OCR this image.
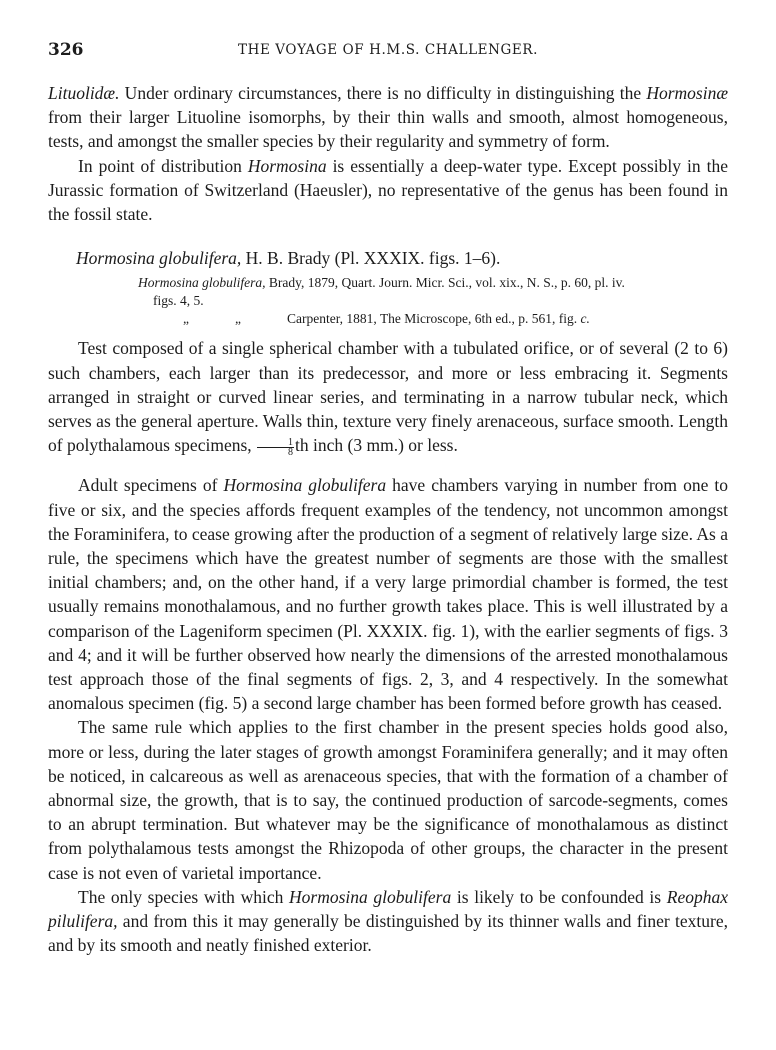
326	THE VOYAGE OF H.M.S. CHALLENGER.

Lituolidæ. Under ordinary circumstances, there is no difficulty in distinguishing the Hormosinæ from their larger Lituoline isomorphs, by their thin walls and smooth, almost homogeneous, tests, and amongst the smaller species by their regularity and symmetry of form.

In point of distribution Hormosina is essentially a deep-water type. Except possibly in the Jurassic formation of Switzerland (Haeusler), no representative of the genus has been found in the fossil state.

Hormosina globulifera, H. B. Brady (Pl. XXXIX. figs. 1–6).

Hormosina globulifera, Brady, 1879, Quart. Journ. Micr. Sci., vol. xix., N. S., p. 60, pl. iv.

figs. 4, 5.

„	„	Carpenter, 1881, The Microscope, 6th ed., p. 561, fig. c.

Test composed of a single spherical chamber with a tubulated orifice, or of several (2 to 6) such chambers, each larger than its predecessor, and more or less embracing it. Segments arranged in straight or curved linear series, and terminating in a narrow tubular neck, which serves as the general aperture. Walls thin, texture very finely arenaceous, surface smooth. Length of polythalamous specimens, $\frac{1}{8}$ th inch (3 mm.) or less.

Adult specimens of Hormosina globulifera have chambers varying in number from one to five or six, and the species affords frequent examples of the tendency, not uncommon amongst the Foraminifera, to cease growing after the production of a segment of relatively large size. As a rule, the specimens which have the greatest number of segments are those with the smallest initial chambers; and, on the other hand, if a very large primordial chamber is formed, the test usually remains monothalamous, and no further growth takes place. This is well illustrated by a comparison of the Lageniform specimen (Pl. XXXIX. fig. 1), with the earlier segments of figs. 3 and 4; and it will be further observed how nearly the dimensions of the arrested monothalamous test approach those of the final segments of figs. 2, 3, and 4 respectively. In the somewhat anomalous specimen (fig. 5) a second large chamber has been formed before growth has ceased.

The same rule which applies to the first chamber in the present species holds good also, more or less, during the later stages of growth amongst Foraminifera generally; and it may often be noticed, in calcareous as well as arenaceous species, that with the formation of a chamber of abnormal size, the growth, that is to say, the continued production of sarcode-segments, comes to an abrupt termination. But whatever may be the significance of monothalamous as distinct from polythalamous tests amongst the Rhizopoda of other groups, the character in the present case is not even of varietal importance.

The only species with which Hormosina globulifera is likely to be confounded is Reophax pilulifera, and from this it may generally be distinguished by its thinner walls and finer texture, and by its smooth and neatly finished exterior.
